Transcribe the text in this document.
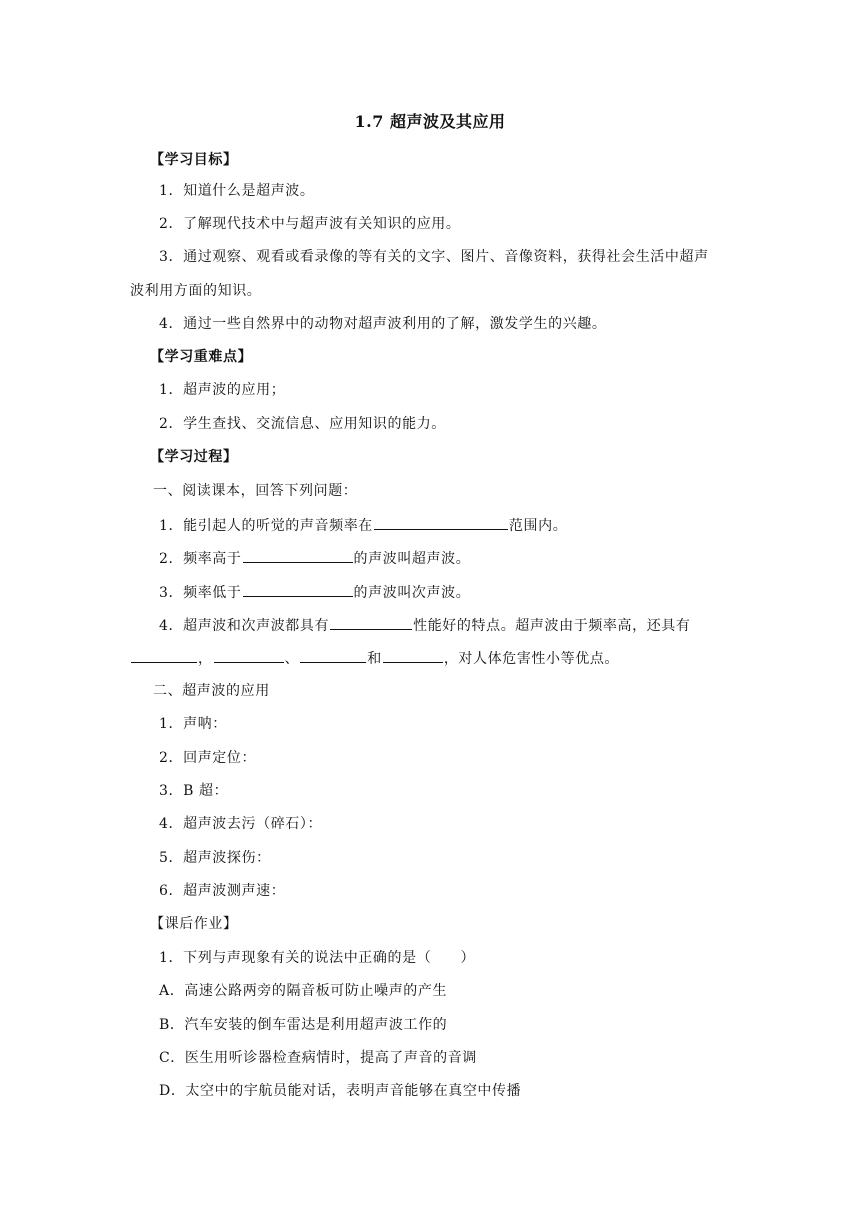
1.7 超声波及其应用
【学习目标】
1．知道什么是超声波。
2．了解现代技术中与超声波有关知识的应用。
3．通过观察、观看或看录像的等有关的文字、图片、音像资料，获得社会生活中超声
波利用方面的知识。
4．通过一些自然界中的动物对超声波利用的了解，激发学生的兴趣。
【学习重难点】
1．超声波的应用；
2．学生查找、交流信息、应用知识的能力。
【学习过程】
一、阅读课本，回答下列问题：
1．能引起人的听觉的声音频率在	范围内。
2．频率高于	的声波叫超声波。
3．频率低于	的声波叫次声波。
4．超声波和次声波都具有	性能好的特点。超声波由于频率高，还具有
，	、	和	，对人体危害性小等优点。
二、超声波的应用
1．声呐：
2．回声定位：
3．B 超：
4．超声波去污（碎石）：
5．超声波探伤：
6．超声波测声速：
【课后作业】
1．下列与声现象有关的说法中正确的是（　　）
A．高速公路两旁的隔音板可防止噪声的产生
B．汽车安装的倒车雷达是利用超声波工作的
C．医生用听诊器检查病情时，提高了声音的音调
D．太空中的宇航员能对话，表明声音能够在真空中传播
